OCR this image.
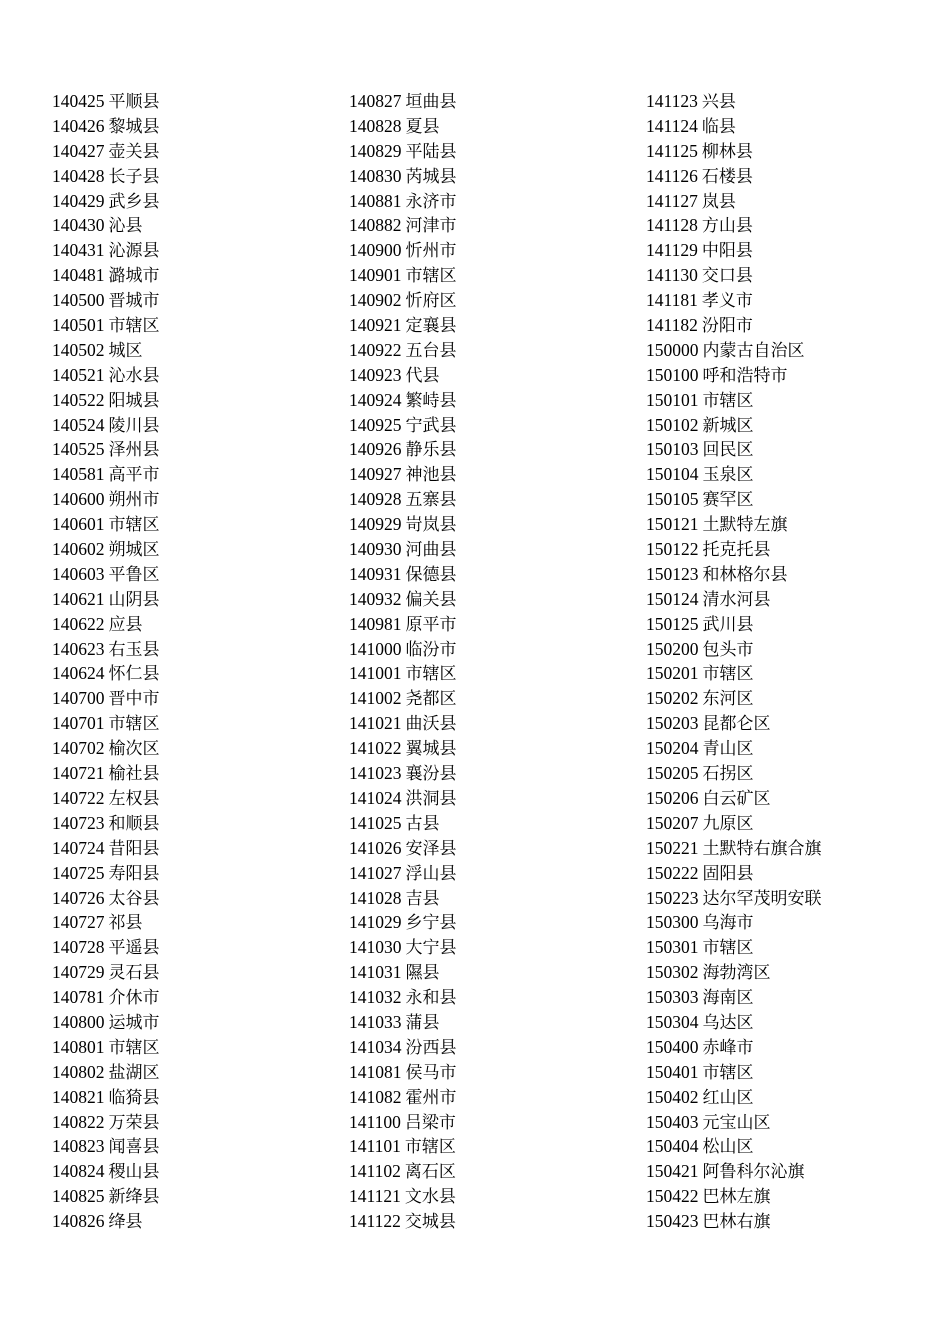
140425 平顺县
140426 黎城县
140427 壶关县
140428 长子县
140429 武乡县
140430 沁县
140431 沁源县
140481 潞城市
140500 晋城市
140501 市辖区
140502 城区
140521 沁水县
140522 阳城县
140524 陵川县
140525 泽州县
140581 高平市
140600 朔州市
140601 市辖区
140602 朔城区
140603 平鲁区
140621 山阴县
140622 应县
140623 右玉县
140624 怀仁县
140700 晋中市
140701 市辖区
140702 榆次区
140721 榆社县
140722 左权县
140723 和顺县
140724 昔阳县
140725 寿阳县
140726 太谷县
140727 祁县
140728 平遥县
140729 灵石县
140781 介休市
140800 运城市
140801 市辖区
140802 盐湖区
140821 临猗县
140822 万荣县
140823 闻喜县
140824 稷山县
140825 新绛县
140826 绛县
140827 垣曲县
140828 夏县
140829 平陆县
140830 芮城县
140881 永济市
140882 河津市
140900 忻州市
140901 市辖区
140902 忻府区
140921 定襄县
140922 五台县
140923 代县
140924 繁峙县
140925 宁武县
140926 静乐县
140927 神池县
140928 五寨县
140929 岢岚县
140930 河曲县
140931 保德县
140932 偏关县
140981 原平市
141000 临汾市
141001 市辖区
141002 尧都区
141021 曲沃县
141022 翼城县
141023 襄汾县
141024 洪洞县
141025 古县
141026 安泽县
141027 浮山县
141028 吉县
141029 乡宁县
141030 大宁县
141031 隰县
141032 永和县
141033 蒲县
141034 汾西县
141081 侯马市
141082 霍州市
141100 吕梁市
141101 市辖区
141102 离石区
141121 文水县
141122 交城县
141123 兴县
141124 临县
141125 柳林县
141126 石楼县
141127 岚县
141128 方山县
141129 中阳县
141130 交口县
141181 孝义市
141182 汾阳市
150000 内蒙古自治区
150100 呼和浩特市
150101 市辖区
150102 新城区
150103 回民区
150104 玉泉区
150105 赛罕区
150121 土默特左旗
150122 托克托县
150123 和林格尔县
150124 清水河县
150125 武川县
150200 包头市
150201 市辖区
150202 东河区
150203 昆都仑区
150204 青山区
150205 石拐区
150206 白云矿区
150207 九原区
150221 土默特右旗合旗
150222 固阳县
150223 达尔罕茂明安联
150300 乌海市
150301 市辖区
150302 海勃湾区
150303 海南区
150304 乌达区
150400 赤峰市
150401 市辖区
150402 红山区
150403 元宝山区
150404 松山区
150421 阿鲁科尔沁旗
150422 巴林左旗
150423 巴林右旗
